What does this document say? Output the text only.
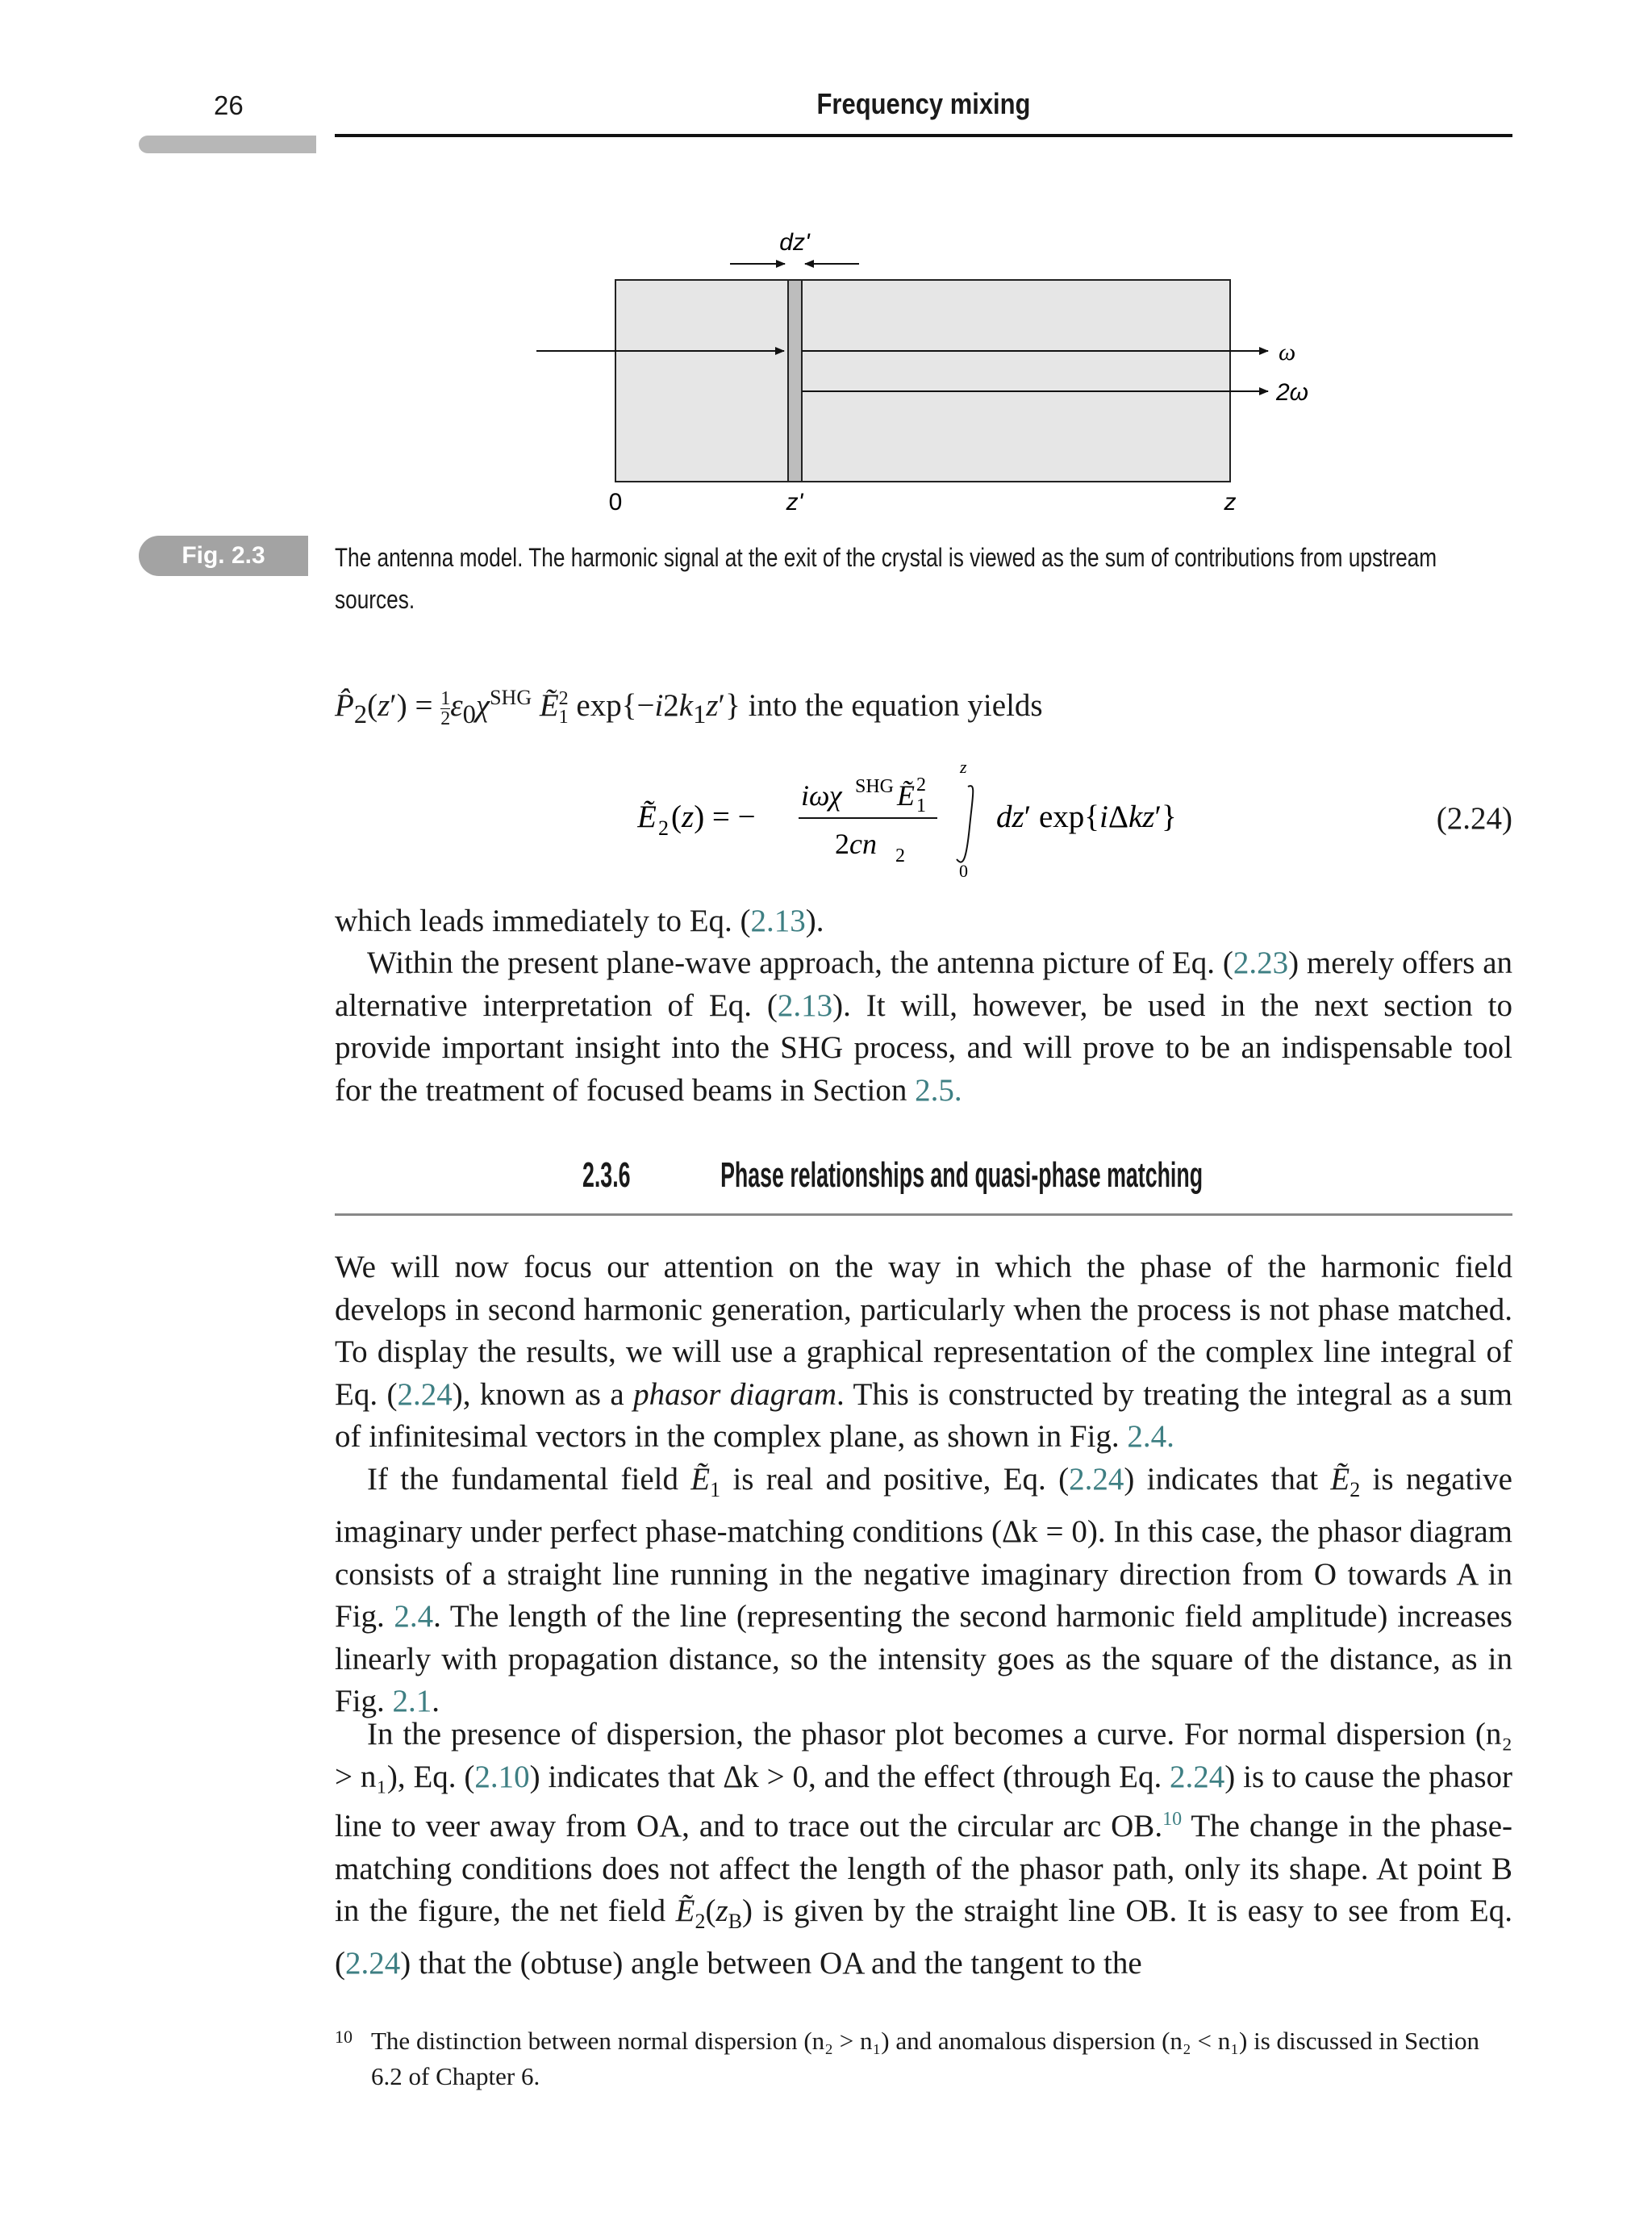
26	Frequency mixing
dz'
ω
2ω
0	z'	z
Fig. 2.3	The antenna model. The harmonic signal at the exit of the crystal is viewed as the sum of contributions from upstream
sources.
$P̂_2(z') = \frac{1}{2} \varepsilon_0\chi^{SHG}$ Ẽ$_1^2$ $\exp\{-i2k_1z'\}$ into the equation yields
Ẽ 2 (z) = −
iωχ SHG Ẽ 2
1
2cn 2
z
0
dz′ exp{iΔkz′}	(2.24)
which leads immediately to Eq. (2.13).
Within the present plane-wave approach, the antenna picture of Eq. (2.23) merely offers an alternative interpretation of Eq. (2.13). It will, however, be used in the next section to provide important insight into the SHG process, and will prove to be an indispensable tool for the treatment of focused beams in Section 2.5.
2.3.6	Phase relationships and quasi-phase matching
We will now focus our attention on the way in which the phase of the harmonic field develops in second harmonic generation, particularly when the process is not phase matched. To display the results, we will use a graphical representation of the complex line integral of Eq. (2.24), known as a phasor diagram. This is constructed by treating the integral as a sum of infinitesimal vectors in the complex plane, as shown in Fig. 2.4.
If the fundamental field Ẽ$_1$ is real and positive, Eq. (2.24) indicates that Ẽ$_2$ is negative imaginary under perfect phase-matching conditions (Δk = 0). In this case, the phasor diagram consists of a straight line running in the negative imaginary direction from O towards A in Fig. 2.4. The length of the line (representing the second harmonic field amplitude) increases linearly with propagation distance, so the intensity goes as the square of the distance, as in Fig. 2.1.
In the presence of dispersion, the phasor plot becomes a curve. For normal dispersion (n₂ > n₁), Eq. (2.10) indicates that Δk > 0, and the effect (through Eq. 2.24) is to cause the phasor line to veer away from OA, and to trace out the circular arc OB.$^{10}$ The change in the phase-matching conditions does not affect the length of the phasor path, only its shape. At point B in the figure, the net field $Ẽ_2(z_B)$ is given by the straight line OB. It is easy to see from Eq. (2.24) that the (obtuse) angle between OA and the tangent to the
10 The distinction between normal dispersion (n₂ > n₁) and anomalous dispersion (n₂ < n₁) is discussed in Section 6.2 of Chapter 6.
